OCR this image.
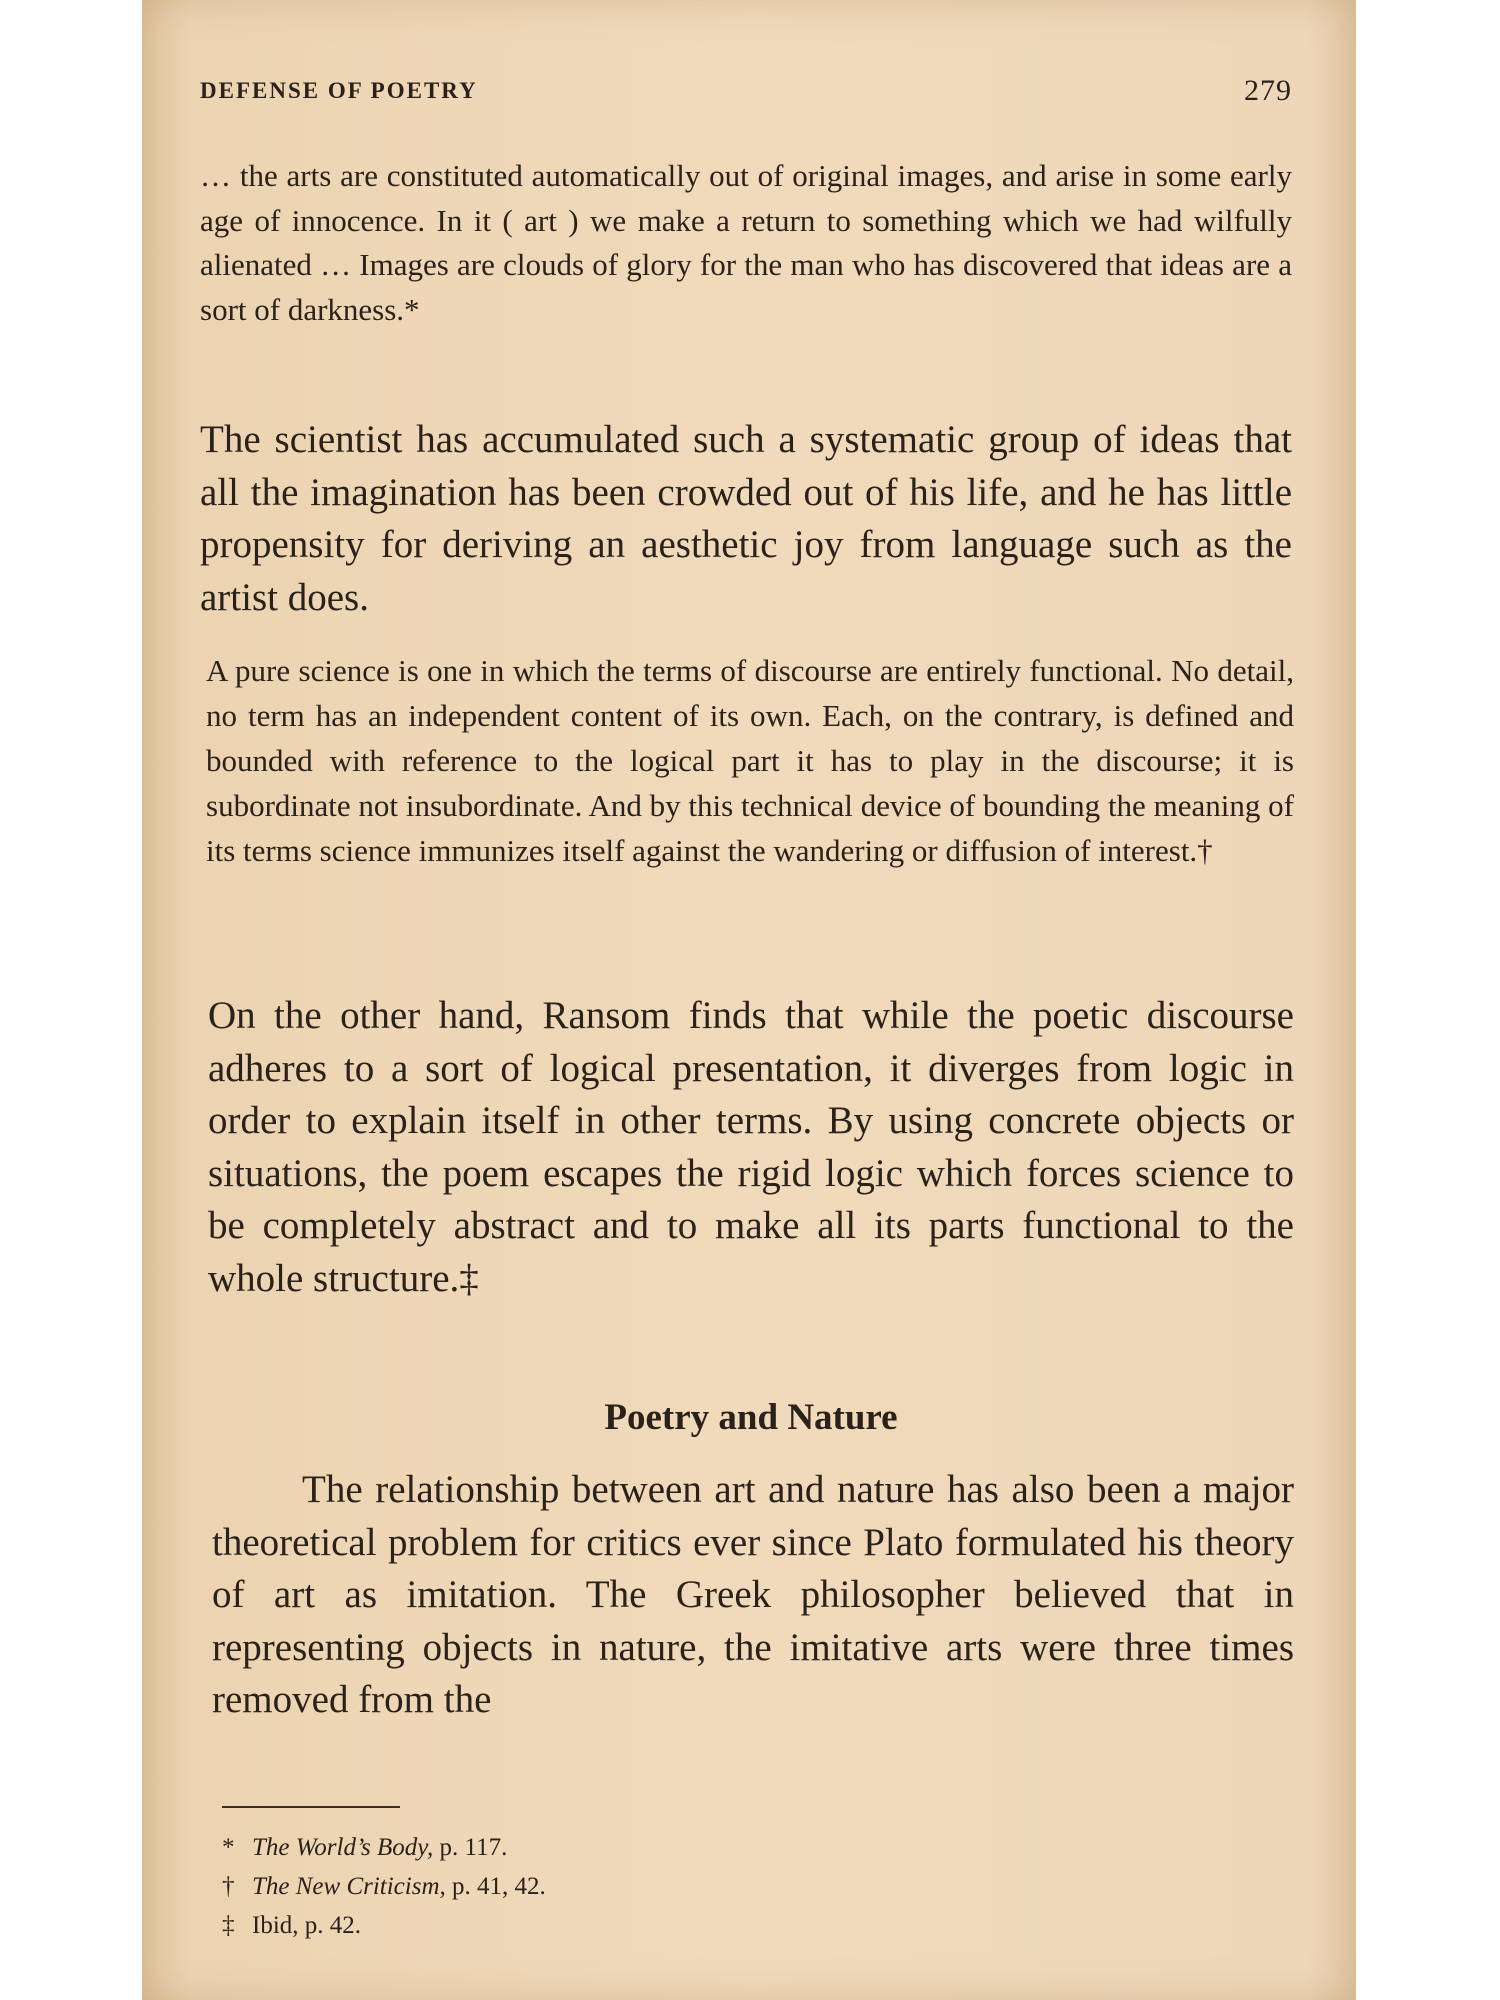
DEFENSE OF POETRY	279

… the arts are constituted automatically out of original images, and arise in some early age of innocence. In it ( art ) we make a return to something which we had wilfully alienated … Images are clouds of glory for the man who has discovered that ideas are a sort of darkness.*

The scientist has accumulated such a systematic group of ideas that all the imagination has been crowded out of his life, and he has little propensity for deriving an aesthetic joy from language such as the artist does.

A pure science is one in which the terms of discourse are entirely functional. No detail, no term has an independent content of its own. Each, on the contrary, is defined and bounded with reference to the logical part it has to play in the discourse; it is subordinate not insubordinate. And by this technical device of bounding the meaning of its terms science immunizes itself against the wandering or diffusion of interest.†

On the other hand, Ransom finds that while the poetic discourse adheres to a sort of logical presentation, it diverges from logic in order to explain itself in other terms. By using concrete objects or situations, the poem escapes the rigid logic which forces science to be completely abstract and to make all its parts functional to the whole structure.‡

Poetry and Nature

The relationship between art and nature has also been a major theoretical problem for critics ever since Plato formulated his theory of art as imitation. The Greek philosopher believed that in representing objects in nature, the imitative arts were three times removed from the

* The World’s Body, p. 117.
† The New Criticism, p. 41, 42.
‡ Ibid, p. 42.
